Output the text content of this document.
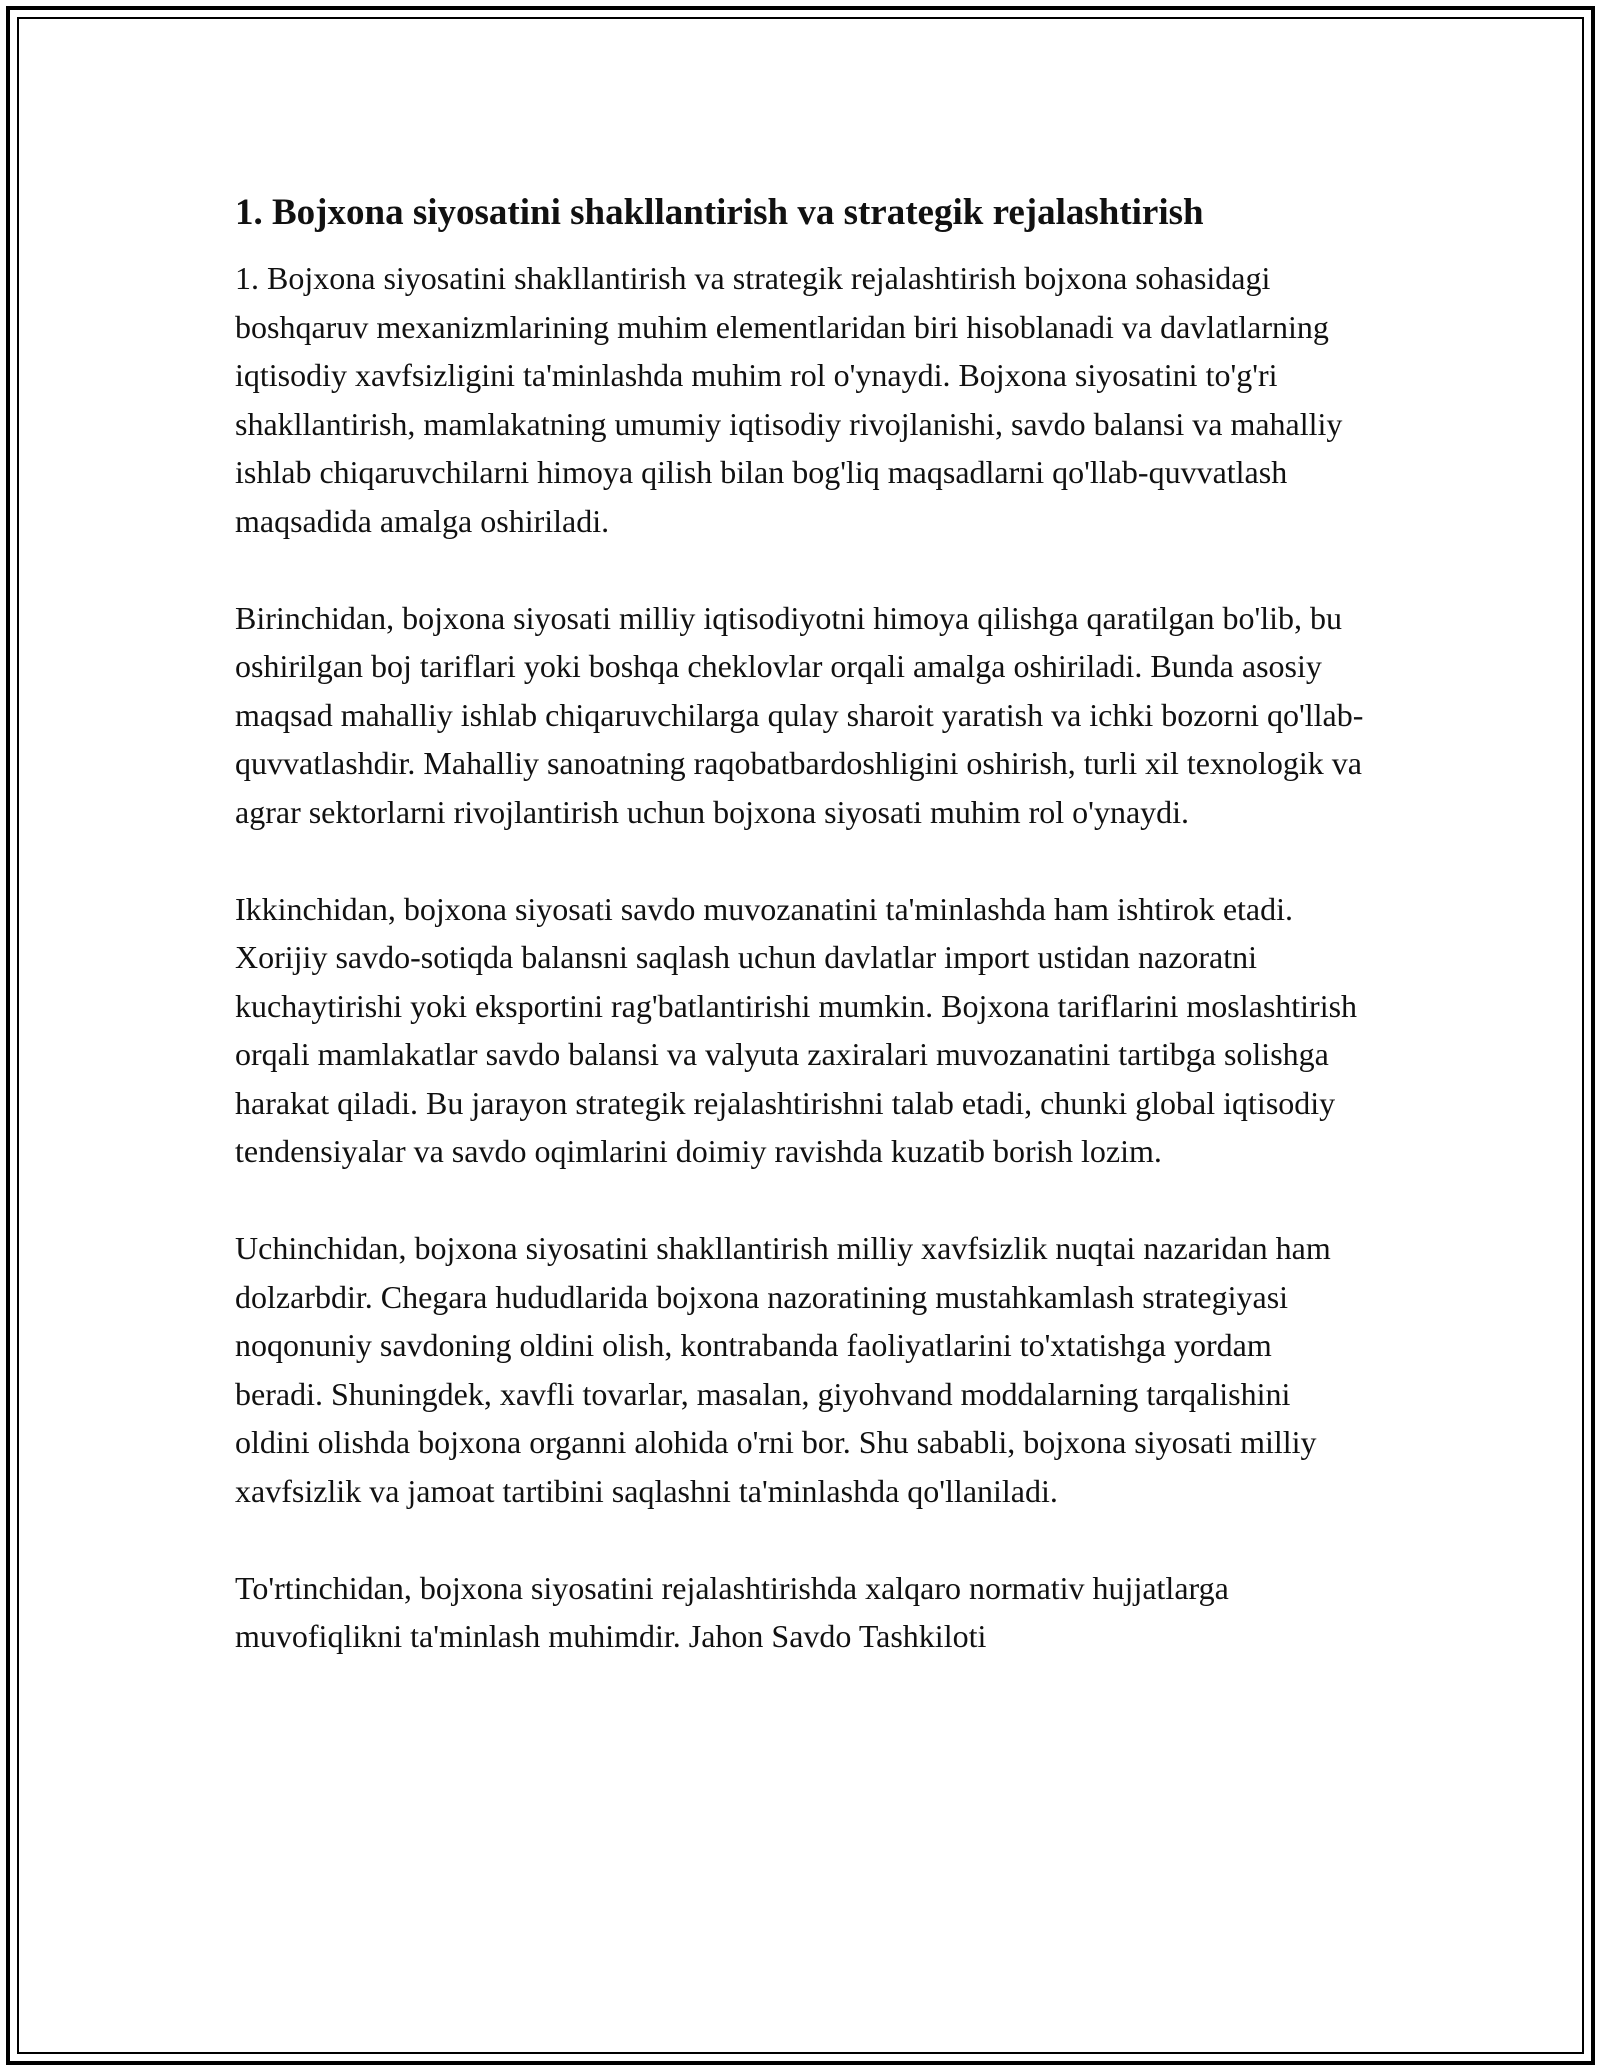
1. Bojxona siyosatini shakllantirish va strategik rejalashtirish

1. Bojxona siyosatini shakllantirish va strategik rejalashtirish bojxona sohasidagi boshqaruv mexanizmlarining muhim elementlaridan biri hisoblanadi va davlatlarning iqtisodiy xavfsizligini ta'minlashda muhim rol o'ynaydi. Bojxona siyosatini to'g'ri shakllantirish, mamlakatning umumiy iqtisodiy rivojlanishi, savdo balansi va mahalliy ishlab chiqaruvchilarni himoya qilish bilan bog'liq maqsadlarni qo'llab-quvvatlash maqsadida amalga oshiriladi.

Birinchidan, bojxona siyosati milliy iqtisodiyotni himoya qilishga qaratilgan bo'lib, bu oshirilgan boj tariflari yoki boshqa cheklovlar orqali amalga oshiriladi. Bunda asosiy maqsad mahalliy ishlab chiqaruvchilarga qulay sharoit yaratish va ichki bozorni qo'llab-quvvatlashdir. Mahalliy sanoatning raqobatbardoshligini oshirish, turli xil texnologik va agrar sektorlarni rivojlantirish uchun bojxona siyosati muhim rol o'ynaydi.

Ikkinchidan, bojxona siyosati savdo muvozanatini ta'minlashda ham ishtirok etadi. Xorijiy savdo-sotiqda balansni saqlash uchun davlatlar import ustidan nazoratni kuchaytirishi yoki eksportini rag'batlantirishi mumkin. Bojxona tariflarini moslashtirish orqali mamlakatlar savdo balansi va valyuta zaxiralari muvozanatini tartibga solishga harakat qiladi. Bu jarayon strategik rejalashtirishni talab etadi, chunki global iqtisodiy tendensiyalar va savdo oqimlarini doimiy ravishda kuzatib borish lozim.

Uchinchidan, bojxona siyosatini shakllantirish milliy xavfsizlik nuqtai nazaridan ham dolzarbdir. Chegara hududlarida bojxona nazoratining mustahkamlash strategiyasi noqonuniy savdoning oldini olish, kontrabanda faoliyatlarini to'xtatishga yordam beradi. Shuningdek, xavfli tovarlar, masalan, giyohvand moddalarning tarqalishini oldini olishda bojxona organni alohida o'rni bor. Shu sababli, bojxona siyosati milliy xavfsizlik va jamoat tartibini saqlashni ta'minlashda qo'llaniladi.

To'rtinchidan, bojxona siyosatini rejalashtirishda xalqaro normativ hujjatlarga muvofiqlikni ta'minlash muhimdir. Jahon Savdo Tashkiloti
